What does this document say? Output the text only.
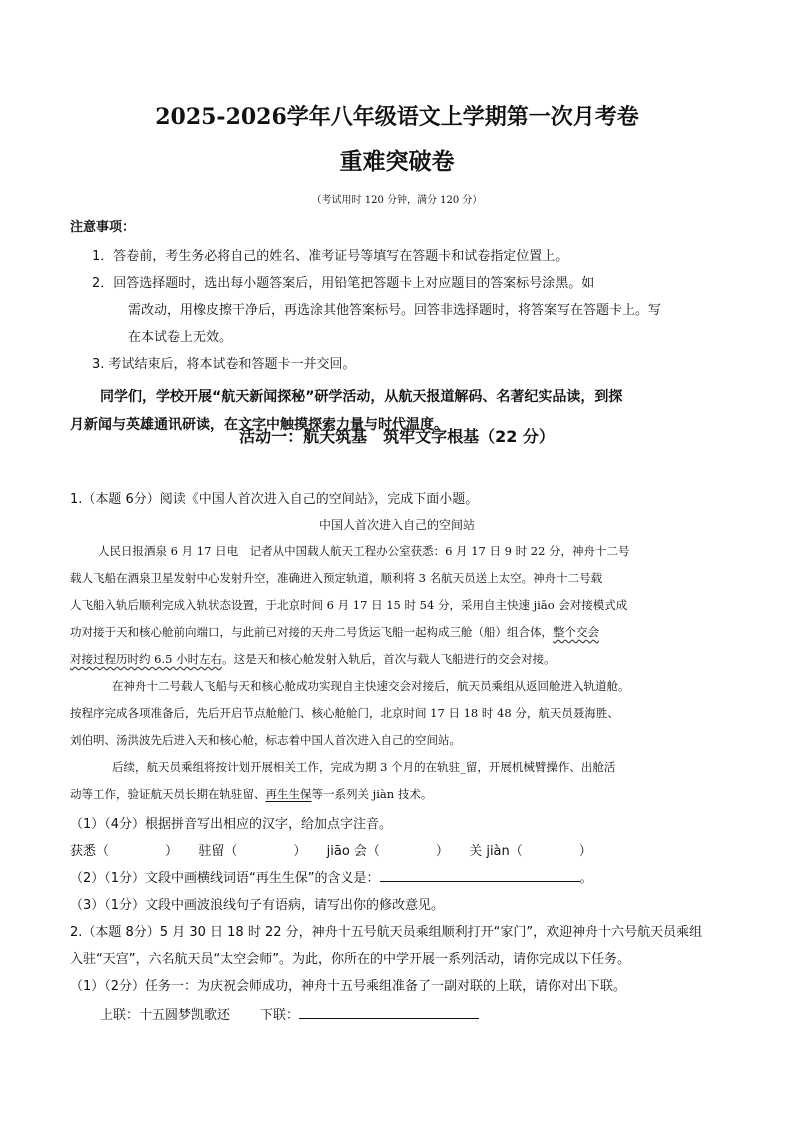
2025-2026学年八年级语文上学期第一次月考卷
重难突破卷
（考试用时 120 分钟，满分 120 分）
注意事项：
1．答卷前，考生务必将自己的姓名、准考证号等填写在答题卡和试卷指定位置上。
2．回答选择题时，选出每小题答案后，用铅笔把答题卡上对应题目的答案标号涂黑。如
需改动，用橡皮擦干净后，再选涂其他答案标号。回答非选择题时，将答案写在答题卡上。写
在本试卷上无效。
3. 考试结束后，将本试卷和答题卡一并交回。
同学们，学校开展“航天新闻探秘”研学活动，从航天报道解码、名著纪实品读，到探
月新闻与英雄通讯研读，在文字中触摸探索力量与时代温度。
活动一：航天筑基　筑牢文字根基（22 分）
1.（本题 6分）阅读《中国人首次进入自己的空间站》，完成下面小题。
中国人首次进入自己的空间站
人民日报酒泉 6 月 17 日电　记者从中国载人航天工程办公室获悉：6 月 17 日 9 时 22 分，神舟十二号
载人飞船在酒泉卫星发射中心发射升空，准确进入预定轨道，顺利将 3 名航天员送上太空。神舟十二号载
人飞船入轨后顺利完成入轨状态设置，于北京时间 6 月 17 日 15 时 54 分，采用自主快速 jiāo 会对接模式成
功对接于天和核心舱前向端口，与此前已对接的天舟二号货运飞船一起构成三舱（船）组合体，整个交会
对接过程历时约 6.5 小时左右。这是天和核心舱发射入轨后，首次与载人飞船进行的交会对接。
在神舟十二号载人飞船与天和核心舱成功实现自主快速交会对接后，航天员乘组从返回舱进入轨道舱。
按程序完成各项准备后，先后开启节点舱舱门、核心舱舱门，北京时间 17 日 18 时 48 分，航天员聂海胜、
刘伯明、汤洪波先后进入天和核心舱，标志着中国人首次进入自己的空间站。
后续，航天员乘组将按计划开展相关工作，完成为期 3 个月的在轨驻_留，开展机械臂操作、出舱活
动等工作，验证航天员长期在轨驻留、再生生保等一系列关 jiàn 技术。
（1）（4分）根据拼音写出相应的汉字，给加点字注音。
获悉（	） 驻留（	） jiāo 会（	） 关 jiàn（	）
（2）（1分）文段中画横线词语“再生生保”的含义是：	。
（3）（1分）文段中画波浪线句子有语病，请写出你的修改意见。
2.（本题 8分）5 月 30 日 18 时 22 分，神舟十五号航天员乘组顺利打开“家门”，欢迎神舟十六号航天员乘组
入驻“天宫”，六名航天员“太空会师”。为此，你所在的中学开展一系列活动，请你完成以下任务。
（1）（2分）任务一：为庆祝会师成功，神舟十五号乘组准备了一副对联的上联，请你对出下联。
上联：十五圆梦凯歌还 下联：
